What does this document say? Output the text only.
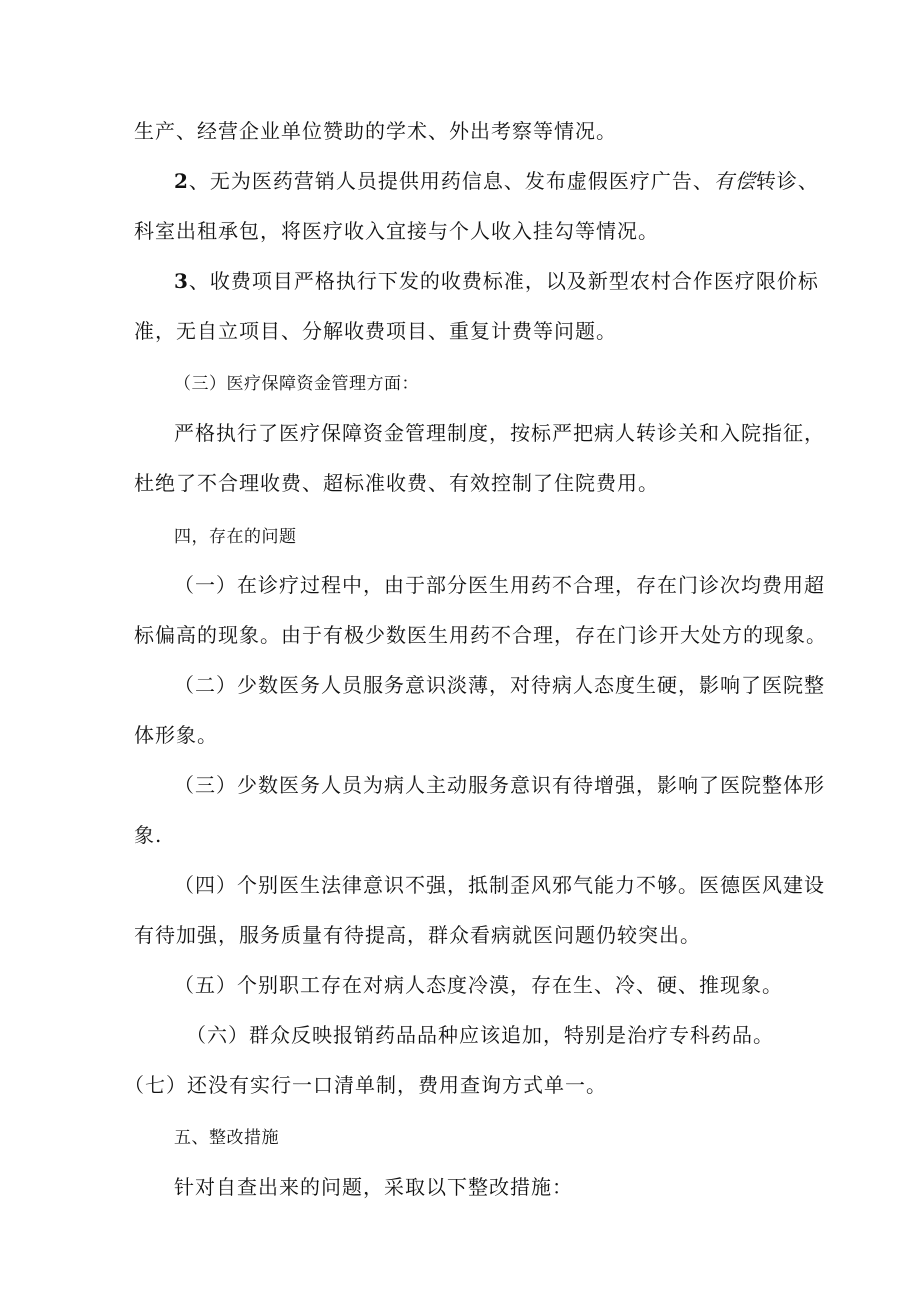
生产、经营企业单位赞助的学术、外出考察等情况。
2、无为医药营销人员提供用药信息、发布虚假医疗广告、有偿转诊、
科室出租承包，将医疗收入宜接与个人收入挂勾等情况。
3、收费项目严格执行下发的收费标准，以及新型农村合作医疗限价标
准，无自立项目、分解收费项目、重复计费等问题。
（三）医疗保障资金管理方面：
严格执行了医疗保障资金管理制度，按标严把病人转诊关和入院指征，
杜绝了不合理收费、超标准收费、有效控制了住院费用。
四，存在的问题
（一）在诊疗过程中，由于部分医生用药不合理，存在门诊次均费用超
标偏高的现象。由于有极少数医生用药不合理，存在门诊开大处方的现象。
（二）少数医务人员服务意识淡薄，对待病人态度生硬，影响了医院整
体形象。
（三）少数医务人员为病人主动服务意识有待增强，影响了医院整体形
象.
（四）个别医生法律意识不强，抵制歪风邪气能力不够。医德医风建设
有待加强，服务质量有待提高，群众看病就医问题仍较突出。
（五）个别职工存在对病人态度冷漠，存在生、冷、硬、推现象。
（六）群众反映报销药品品种应该追加，特别是治疗专科药品。
（七）还没有实行一口清单制，费用查询方式单一。
五、整改措施
针对自查出来的问题，采取以下整改措施：
